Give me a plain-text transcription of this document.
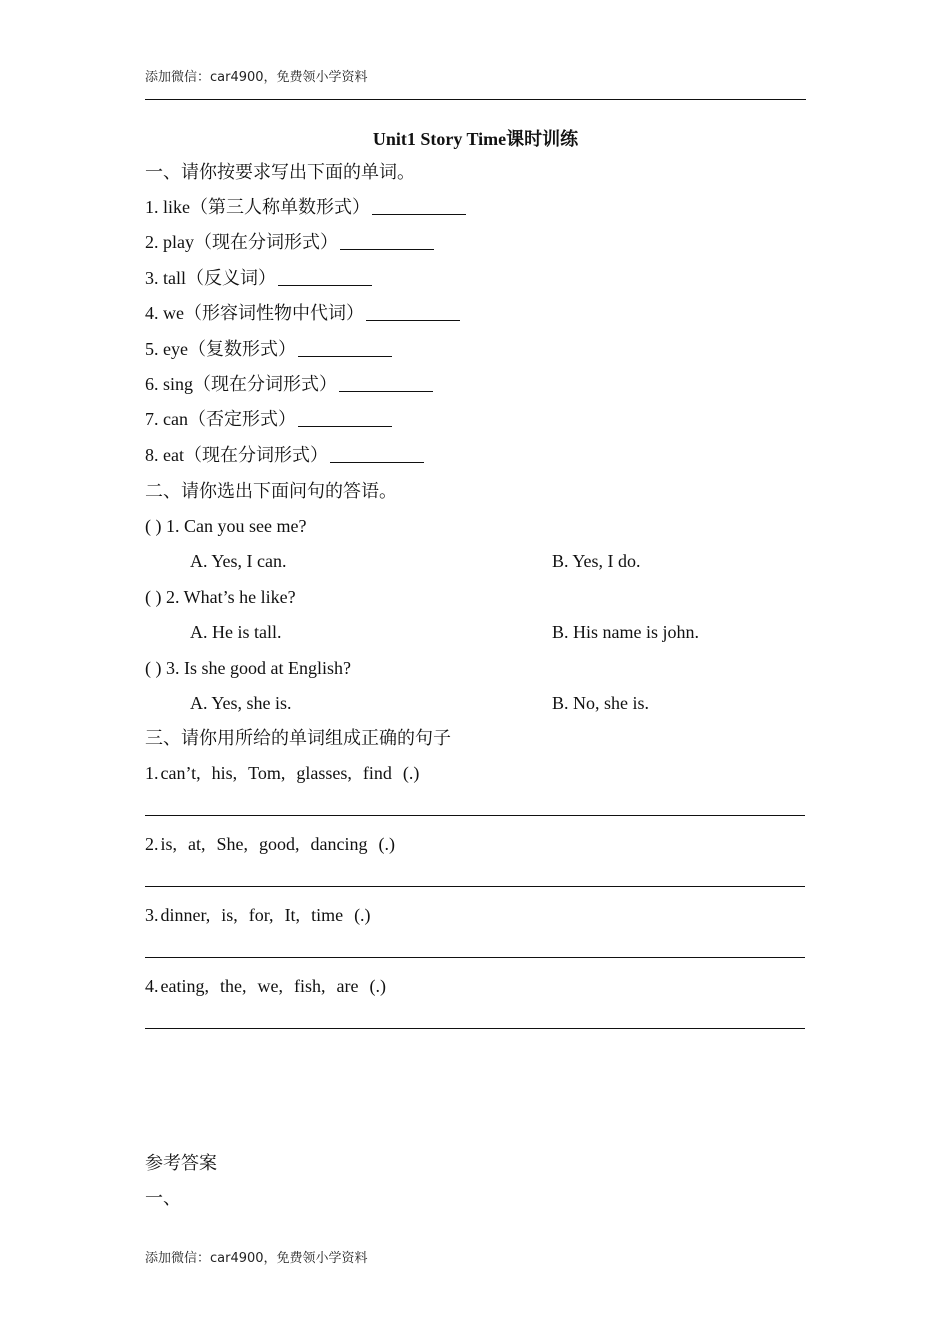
添加微信：car4900，免费领小学资料
Unit1 Story Time课时训练
一、请你按要求写出下面的单词。
1. like（第三人称单数形式）
2. play（现在分词形式）
3. tall（反义词）
4. we（形容词性物中代词）
5. eye（复数形式）
6. sing（现在分词形式）
7. can（否定形式）
8. eat（现在分词形式）
二、请你选出下面问句的答语。
( ) 1. Can you see me?
A. Yes, I can.	B. Yes, I do.
( ) 2. What’s he like?
A. He is tall.	B. His name is john.
( ) 3. Is she good at English?
A. Yes, she is.	B. No, she is.
三、请你用所给的单词组成正确的句子
1. can’t, his, Tom, glasses, find (.)
2. is, at, She, good, dancing (.)
3. dinner, is, for, It, time (.)
4. eating, the, we, fish, are (.)
参考答案
一、
添加微信：car4900，免费领小学资料
